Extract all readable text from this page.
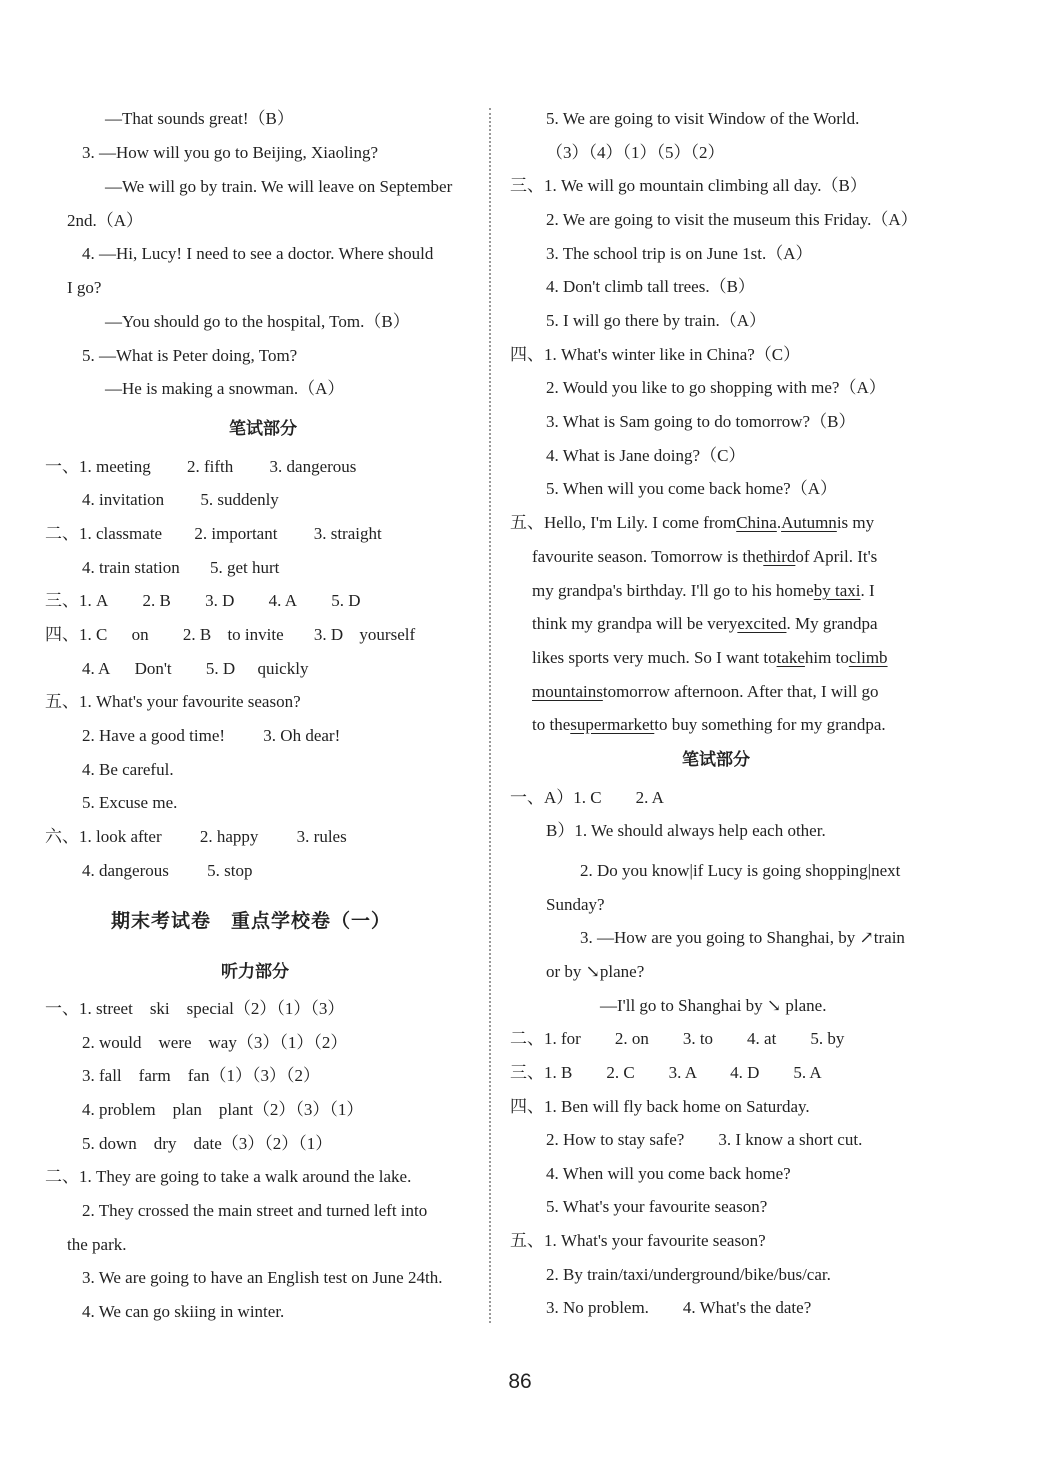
—That sounds great!（B）
3. —How will you go to Beijing, Xiaoling?
—We will go by train. We will leave on September
2nd.（A）
4. —Hi, Lucy! I need to see a doctor. Where should
I go?
—You should go to the hospital, Tom.（B）
5. —What is Peter doing, Tom?
—He is making a snowman.（A）
笔试部分
一、1. meeting 2. fifth 3. dangerous
4. invitation 5. suddenly
二、1. classmate 2. important 3. straight
4. train station 5. get hurt
三、1. A 2. B 3. D 4. A 5. D
四、1. C on 2. B to invite 3. D yourself
4. A Don't 5. D quickly
五、1. What's your favourite season?
2. Have a good time! 3. Oh dear!
4. Be careful.
5. Excuse me.
六、1. look after 2. happy 3. rules
4. dangerous 5. stop
期末考试卷　重点学校卷（一）
听力部分
一、1. street　ski　special（2）（1）（3）
2. would　were　way（3）（1）（2）
3. fall　farm　fan（1）（3）（2）
4. problem　plan　plant（2）（3）（1）
5. down　dry　date（3）（2）（1）
二、1. They are going to take a walk around the lake.
2. They crossed the main street and turned left into
the park.
3. We are going to have an English test on June 24th.
4. We can go skiing in winter.
5. We are going to visit Window of the World.
（3）（4）（1）（5）（2）
三、1. We will go mountain climbing all day.（B）
2. We are going to visit the museum this Friday.（A）
3. The school trip is on June 1st.（A）
4. Don't climb tall trees.（B）
5. I will go there by train.（A）
四、1. What's winter like in China?（C）
2. Would you like to go shopping with me?（A）
3. What is Sam going to do tomorrow?（B）
4. What is Jane doing?（C）
5. When will you come back home?（A）
五、Hello, I'm Lily. I come fromChina.Autumnis my
favourite season. Tomorrow is thethirdof April. It's
my grandpa's birthday. I'll go to his homeby taxi. I
think my grandpa will be veryexcited. My grandpa
likes sports very much. So I want totakehim toclimb
mountainstomorrow afternoon. After that, I will go
to thesupermarketto buy something for my grandpa.
笔试部分
一、A）1. C　　2. A
B）1. We should always help each other.
2. Do you know|if Lucy is going shopping|next
Sunday?
3. —How are you going to Shanghai, by ↗train
or by ↘plane?
—I'll go to Shanghai by ↘ plane.
二、1. for　　2. on　　3. to　　4. at　　5. by
三、1. B　　2. C　　3. A　　4. D　　5. A
四、1. Ben will fly back home on Saturday.
2. How to stay safe?　　3. I know a short cut.
4. When will you come back home?
5. What's your favourite season?
五、1. What's your favourite season?
2. By train/taxi/underground/bike/bus/car.
3. No problem.　　4. What's the date?
86
